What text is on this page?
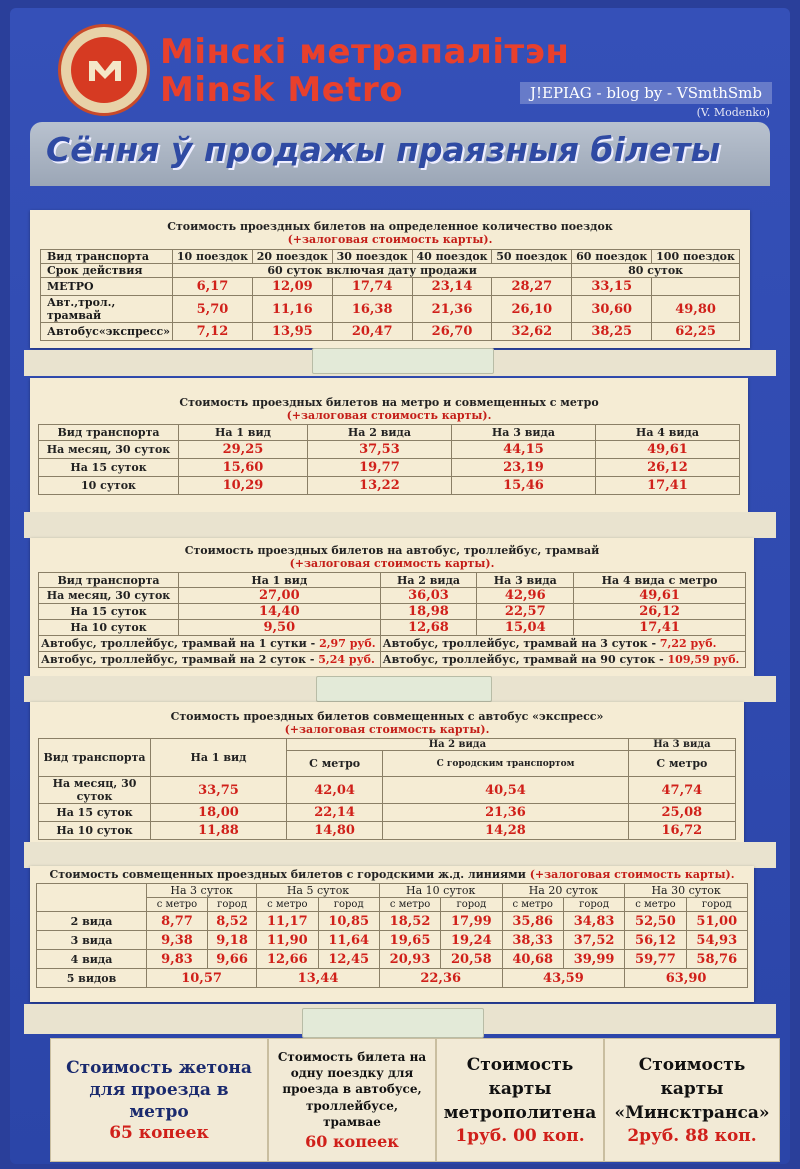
Мінскі метрапалітэн
Minsk Metro	J!EPIAG - blog by - VSmthSmb
(V. Modenko)
Сёння ў продажы праязныя білеты
Стоимость проездных билетов на определенное количество поездок
(+залоговая стоимость карты).
Вид транспорта	10 поездок	20 поездок	30 поездок	40 поездок	50 поездок	60 поездок	100 поездок
Срок действия	60 суток включая дату продажи					80 суток	
МЕТРО	6,17	12,09	17,74	23,14	28,27	33,15	
Авт.,трол., трамвай	5,70	11,16	16,38	21,36	26,10	30,60	49,80
Автобус«экспресс»	7,12	13,95	20,47	26,70	32,62	38,25	62,25
Стоимость проездных билетов на метро и совмещенных с метро
(+залоговая стоимость карты).
Вид транспорта	На 1 вид	На 2 вида	На 3 вида	На 4 вида
На месяц, 30 суток	29,25	37,53	44,15	49,61
На 15 суток	15,60	19,77	23,19	26,12
10 суток	10,29	13,22	15,46	17,41
Стоимость проездных билетов на автобус, троллейбус, трамвай
(+залоговая стоимость карты).
Вид транспорта	На 1 вид	На 2 вида	На 3 вида	На 4 вида с метро
На месяц, 30 суток	27,00	36,03	42,96	49,61
На 15 суток	14,40	18,98	22,57	26,12
На 10 суток	9,50	12,68	15,04	17,41
Автобус, троллейбус, трамвай на 1 сутки - 2,97 руб.		Автобус, троллейбус, трамвай на 3 суток - 7,22 руб.		
Автобус, троллейбус, трамвай на 2 суток - 5,24 руб.		Автобус, троллейбус, трамвай на 90 суток - 109,59 руб.		
Стоимость проездных билетов совмещенных с автобус «экспресс»
(+залоговая стоимость карты).
Вид транспорта	На 1 вид	На 2 вида		На 3 вида
		С метро	С городским транспортом	С метро
На месяц, 30 суток	33,75	42,04	40,54	47,74
На 15 суток	18,00	22,14	21,36	25,08
На 10 суток	11,88	14,80	14,28	16,72
Стоимость совмещенных проездных билетов с городскими ж.д. линиями (+залоговая стоимость карты).
	На 3 суток		На 5 суток		На 10 суток		На 20 суток		На 30 суток	
	с метро	город	с метро	город	с метро	город	с метро	город	с метро	город
2 вида	8,77	8,52	11,17	10,85	18,52	17,99	35,86	34,83	52,50	51,00
3 вида	9,38	9,18	11,90	11,64	19,65	19,24	38,33	37,52	56,12	54,93
4 вида	9,83	9,66	12,66	12,45	20,93	20,58	40,68	39,99	59,77	58,76
5 видов	10,57		13,44		22,36		43,59		63,90	
Стоимость жетона для проезда в метро
65 копеек
Стоимость билета на одну поездку для проезда в автобусе, троллейбусе, трамвае
60 копеек
Стоимость карты метрополитена
1руб. 00 коп.
Стоимость карты «Минсктранса»
2руб. 88 коп.
